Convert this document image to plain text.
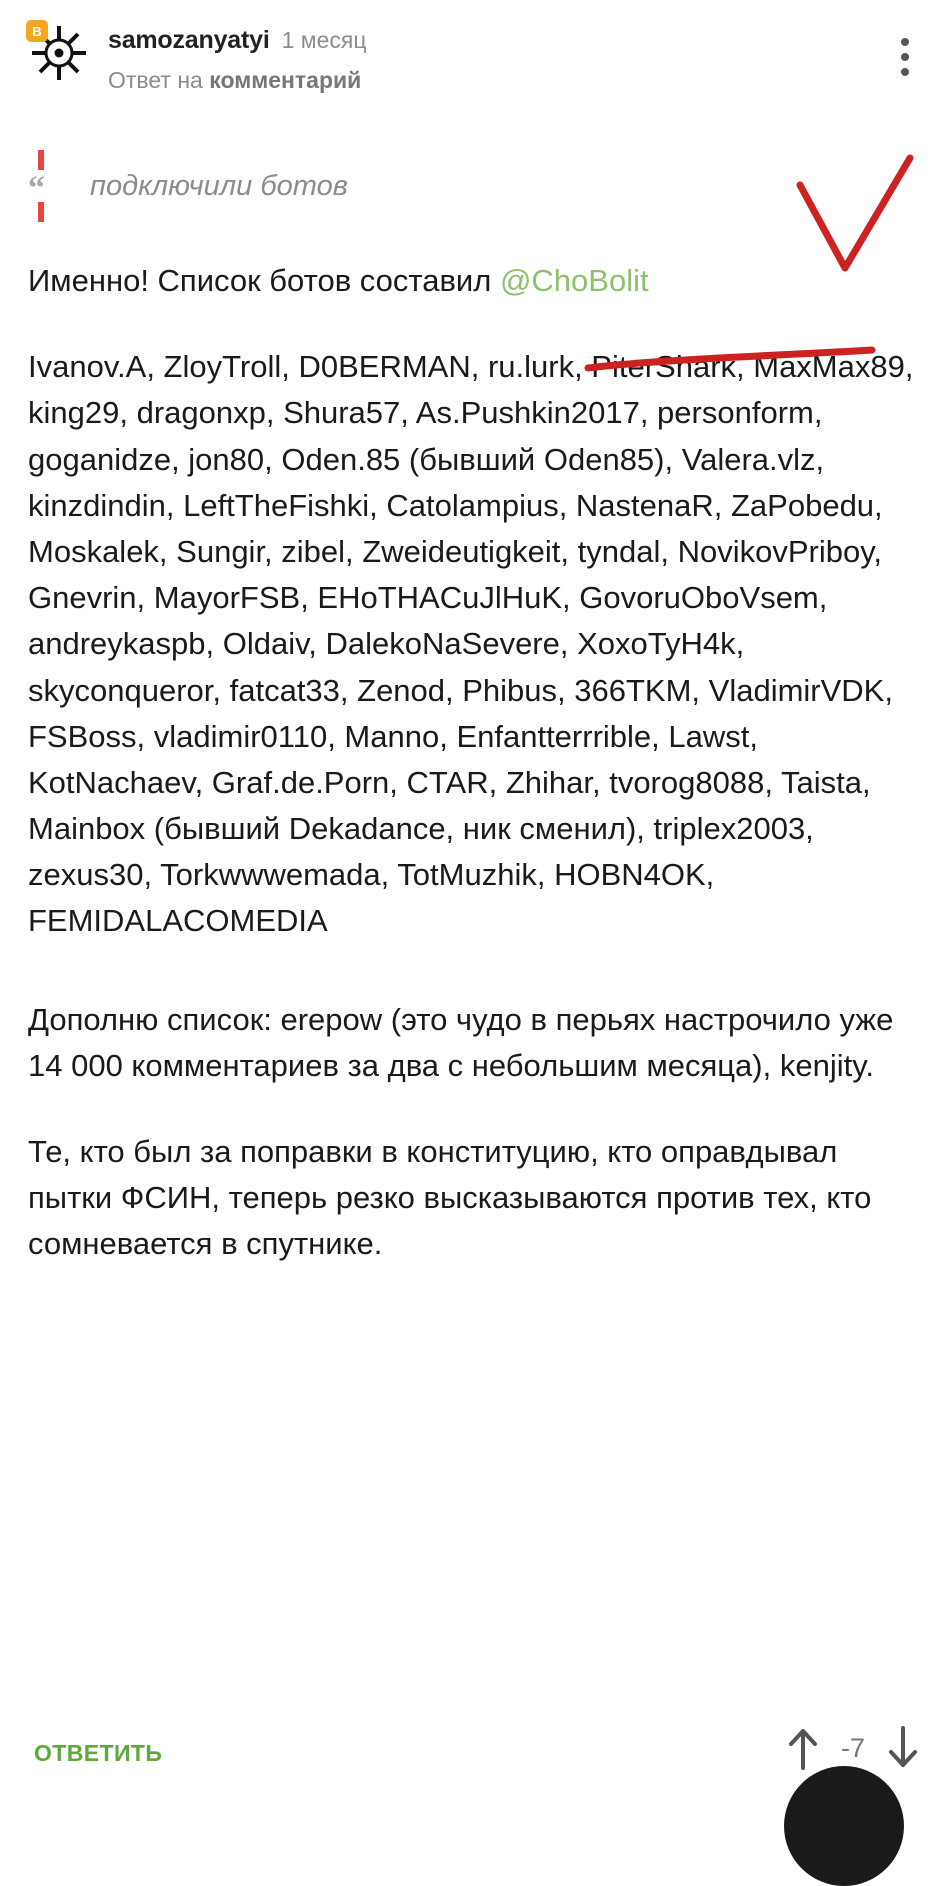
B	samozanyatyi 1 месяц
Ответ на комментарий
“ подключили ботов

Именно! Список ботов составил @ChoBolit

Ivanov.A, ZloyTroll, D0BERMAN, ru.lurk, PiterShark, MaxMax89, king29, dragonxp, Shura57, As.Pushkin2017, personform, goganidze, jon80, Oden.85 (бывший Oden85), Valera.vlz, kinzdindin, LeftTheFishki, Catolampius, NastenaR, ZaPobedu, Moskalek, Sungir, zibel, Zweideutigkeit, tyndal, NovikovPriboy, Gnevrin, MayorFSB, EHoTHACuJlHuK, GovoruOboVsem, andreykaspb, Oldaiv, DalekoNaSevere, XoxoTyH4k, skyconqueror, fatcat33, Zenod, Phibus, 366TKM, VladimirVDK, FSBoss, vladimir0110, Manno, Enfantterrrible, Lawst, KotNachaev, Graf.de.Porn, CTAR, Zhihar, tvorog8088, Taista, Mainbox (бывший Dekadance, ник сменил), triplex2003, zexus30, Torkwwwemada, TotMuzhik, HOBN4OK, FEMIDALACOMEDIA

Дополню список: erepow (это чудо в перьях настрочило уже 14 000 комментариев за два с небольшим месяца), kenjity.

Те, кто был за поправки в конституцию, кто оправдывал пытки ФСИН, теперь резко высказываются против тех, кто сомневается в спутнике.

ОТВЕТИТЬ	-7
